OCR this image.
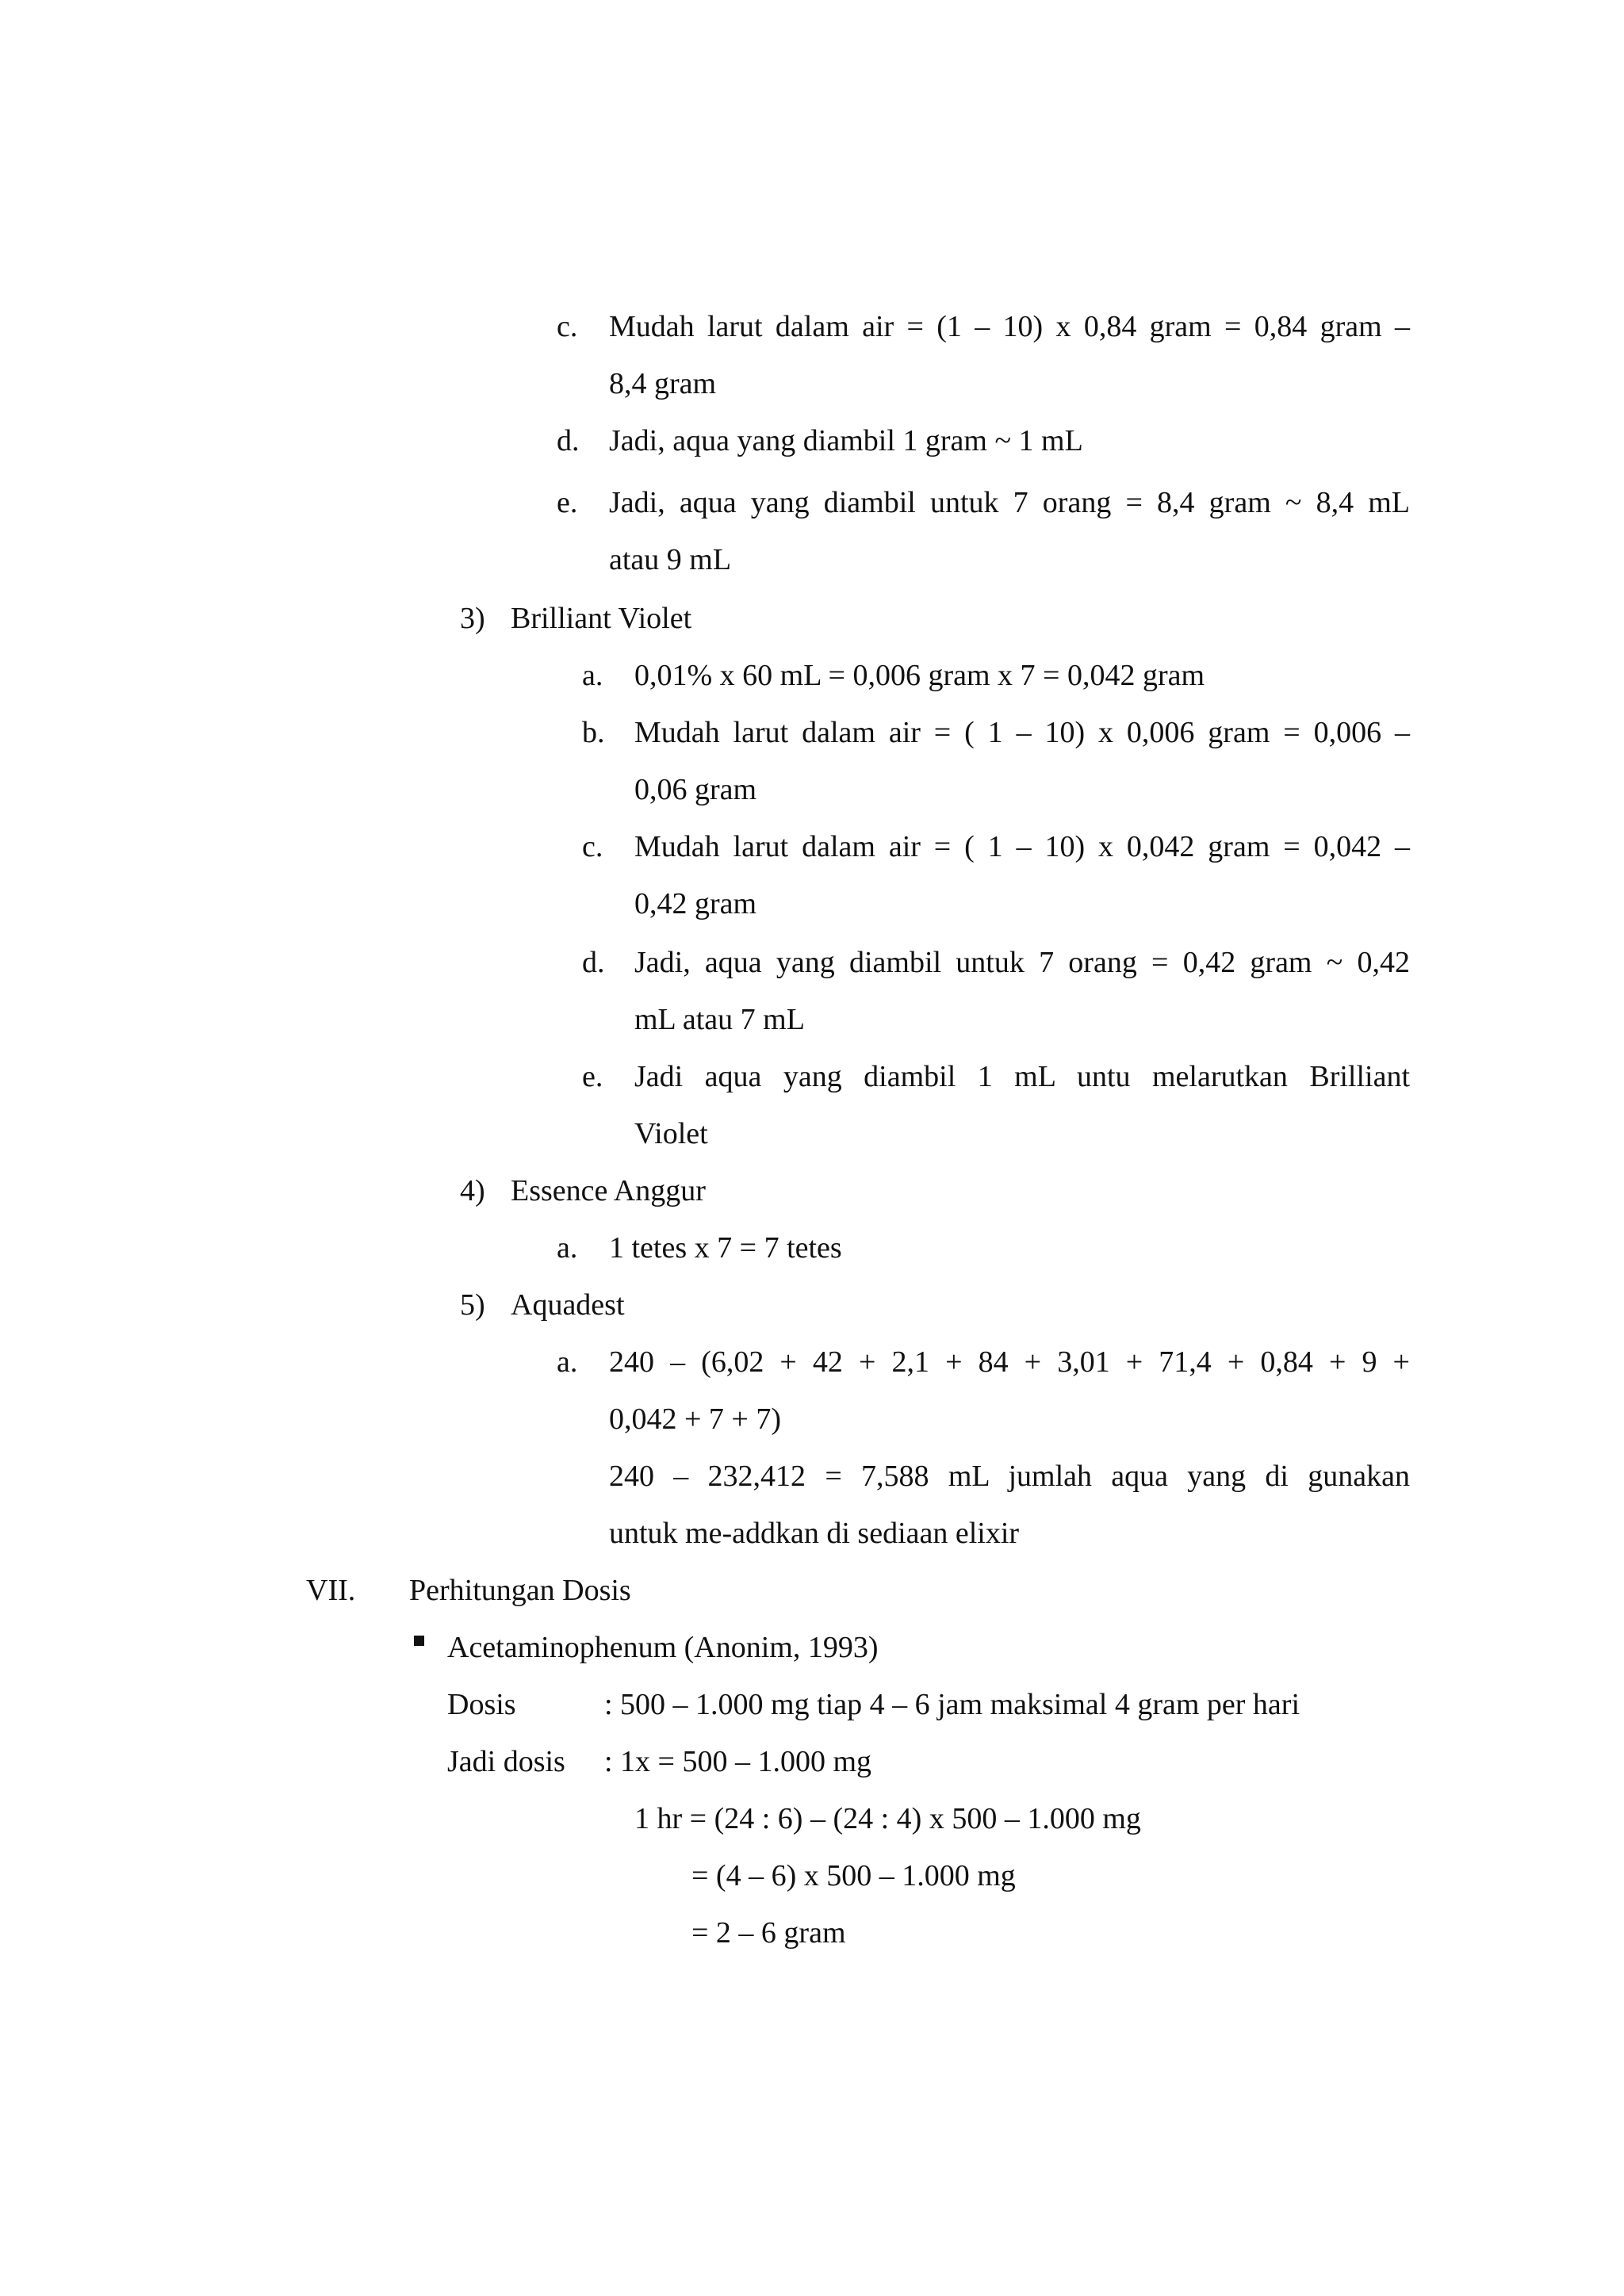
c. Mudah larut dalam air = (1 – 10) x 0,84 gram = 0,84 gram –
8,4 gram
d. Jadi, aqua yang diambil 1 gram ~ 1 mL
e. Jadi, aqua yang diambil untuk 7 orang = 8,4 gram ~ 8,4 mL
atau 9 mL
3) Brilliant Violet
a. 0,01% x 60 mL = 0,006 gram x 7 = 0,042 gram
b. Mudah larut dalam air = ( 1 – 10) x 0,006 gram = 0,006 –
0,06 gram
c. Mudah larut dalam air = ( 1 – 10) x 0,042 gram = 0,042 –
0,42 gram
d. Jadi, aqua yang diambil untuk 7 orang = 0,42 gram ~ 0,42
mL atau 7 mL
e. Jadi aqua yang diambil 1 mL untu melarutkan Brilliant
Violet
4) Essence Anggur
a. 1 tetes x 7 = 7 tetes
5) Aquadest
a. 240 – (6,02 + 42 + 2,1 + 84 + 3,01 + 71,4 + 0,84 + 9 +
0,042 + 7 + 7)
240 – 232,412 = 7,588 mL jumlah aqua yang di gunakan
untuk me-addkan di sediaan elixir
VII. Perhitungan Dosis
Acetaminophenum (Anonim, 1993)
Dosis	: 500 – 1.000 mg tiap 4 – 6 jam maksimal 4 gram per hari
Jadi dosis : 1x = 500 – 1.000 mg
1 hr = (24 : 6) – (24 : 4) x 500 – 1.000 mg
= (4 – 6) x 500 – 1.000 mg
= 2 – 6 gram
